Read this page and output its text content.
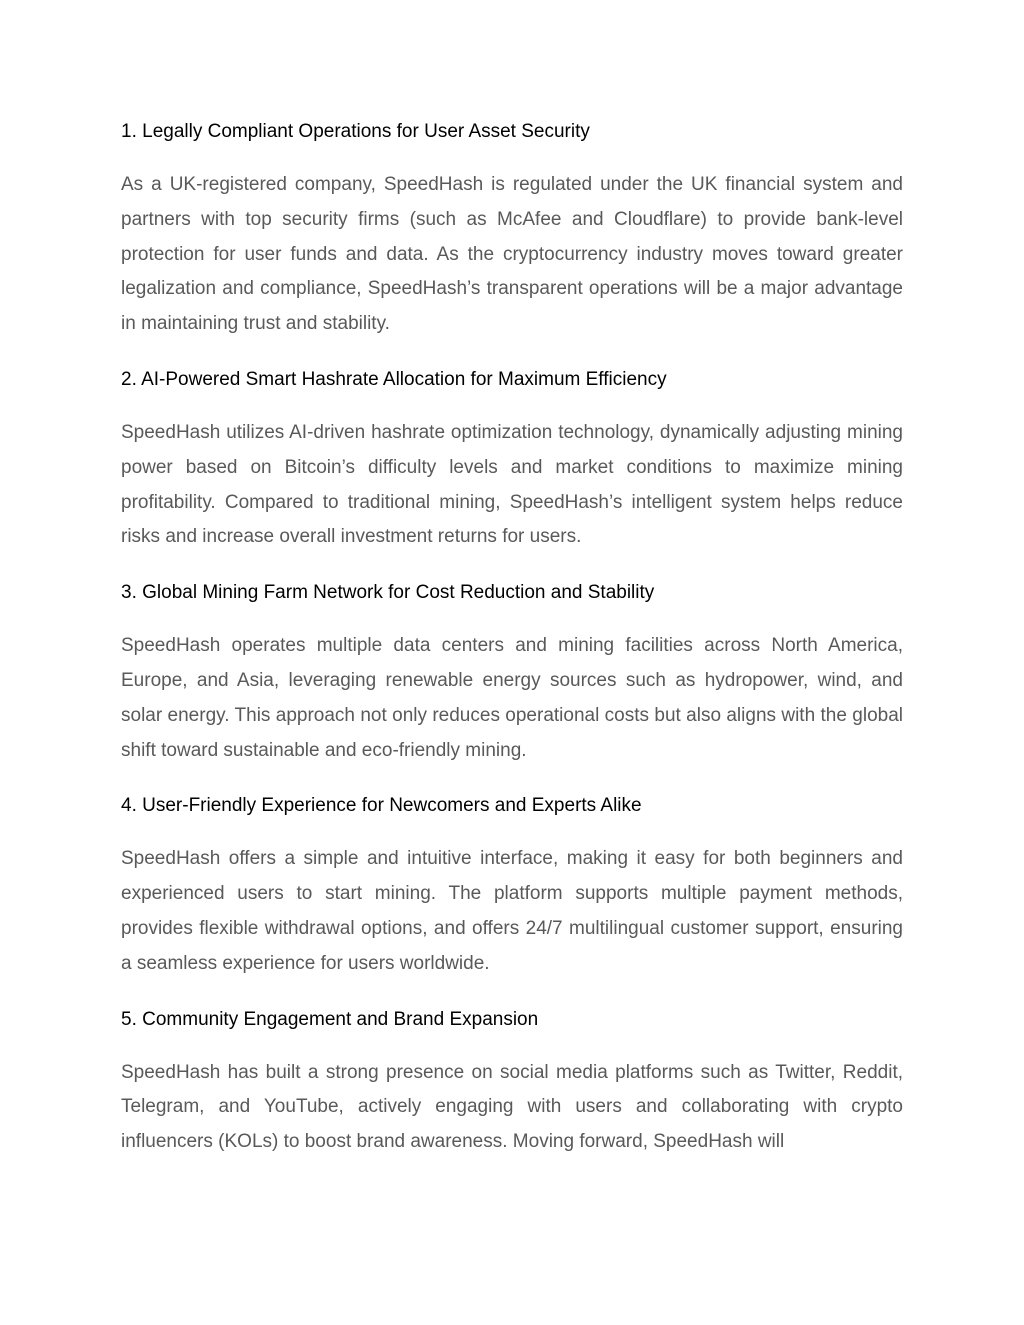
1. Legally Compliant Operations for User Asset Security

As a UK-registered company, SpeedHash is regulated under the UK financial system and partners with top security firms (such as McAfee and Cloudflare) to provide bank-level protection for user funds and data. As the cryptocurrency industry moves toward greater legalization and compliance, SpeedHash’s transparent operations will be a major advantage in maintaining trust and stability.

2. AI-Powered Smart Hashrate Allocation for Maximum Efficiency

SpeedHash utilizes AI-driven hashrate optimization technology, dynamically adjusting mining power based on Bitcoin’s difficulty levels and market conditions to maximize mining profitability. Compared to traditional mining, SpeedHash’s intelligent system helps reduce risks and increase overall investment returns for users.

3. Global Mining Farm Network for Cost Reduction and Stability

SpeedHash operates multiple data centers and mining facilities across North America, Europe, and Asia, leveraging renewable energy sources such as hydropower, wind, and solar energy. This approach not only reduces operational costs but also aligns with the global shift toward sustainable and eco-friendly mining.

4. User-Friendly Experience for Newcomers and Experts Alike

SpeedHash offers a simple and intuitive interface, making it easy for both beginners and experienced users to start mining. The platform supports multiple payment methods, provides flexible withdrawal options, and offers 24/7 multilingual customer support, ensuring a seamless experience for users worldwide.

5. Community Engagement and Brand Expansion

SpeedHash has built a strong presence on social media platforms such as Twitter, Reddit, Telegram, and YouTube, actively engaging with users and collaborating with crypto influencers (KOLs) to boost brand awareness. Moving forward, SpeedHash will
